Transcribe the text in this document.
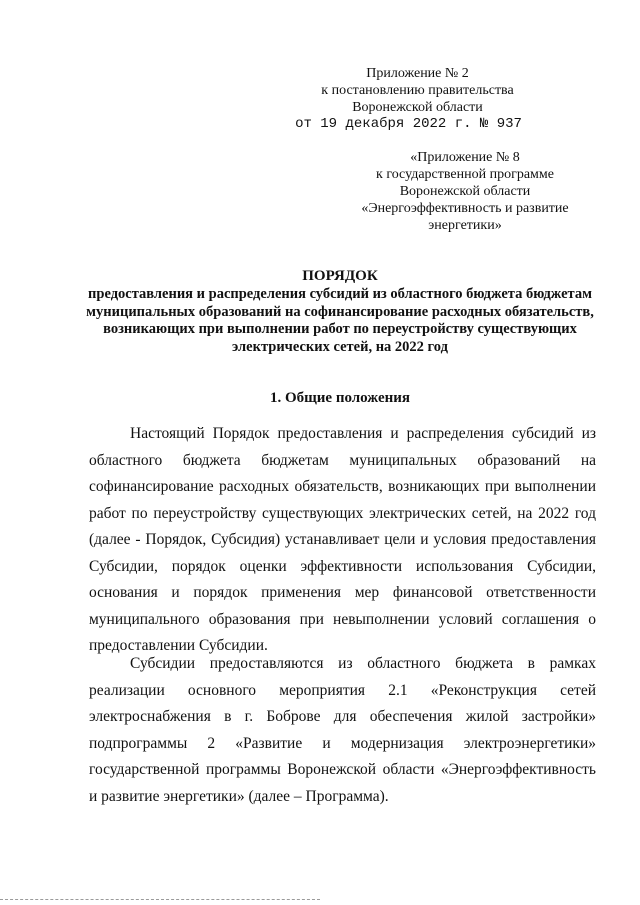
Приложение № 2
к постановлению правительства
Воронежской области
от 19 декабря 2022 г. № 937
«Приложение № 8
к государственной программе
Воронежской области
«Энергоэффективность и развитие
энергетики»
ПОРЯДОК
предоставления и распределения субсидий из областного бюджета бюджетам муниципальных образований на софинансирование расходных обязательств, возникающих при выполнении работ по переустройству существующих электрических сетей, на 2022 год
1. Общие положения
Настоящий Порядок предоставления и распределения субсидий из областного бюджета бюджетам муниципальных образований на софинансирование расходных обязательств, возникающих при выполнении работ по переустройству существующих электрических сетей, на 2022 год (далее - Порядок, Субсидия) устанавливает цели и условия предоставления Субсидии, порядок оценки эффективности использования Субсидии, основания и порядок применения мер финансовой ответственности муниципального образования при невыполнении условий соглашения о предоставлении Субсидии.
Субсидии предоставляются из областного бюджета в рамках реализации основного мероприятия 2.1 «Реконструкция сетей электроснабжения в г. Боброве для обеспечения жилой застройки» подпрограммы 2 «Развитие и модернизация электроэнергетики» государственной программы Воронежской области «Энергоэффективность и развитие энергетики» (далее – Программа).
